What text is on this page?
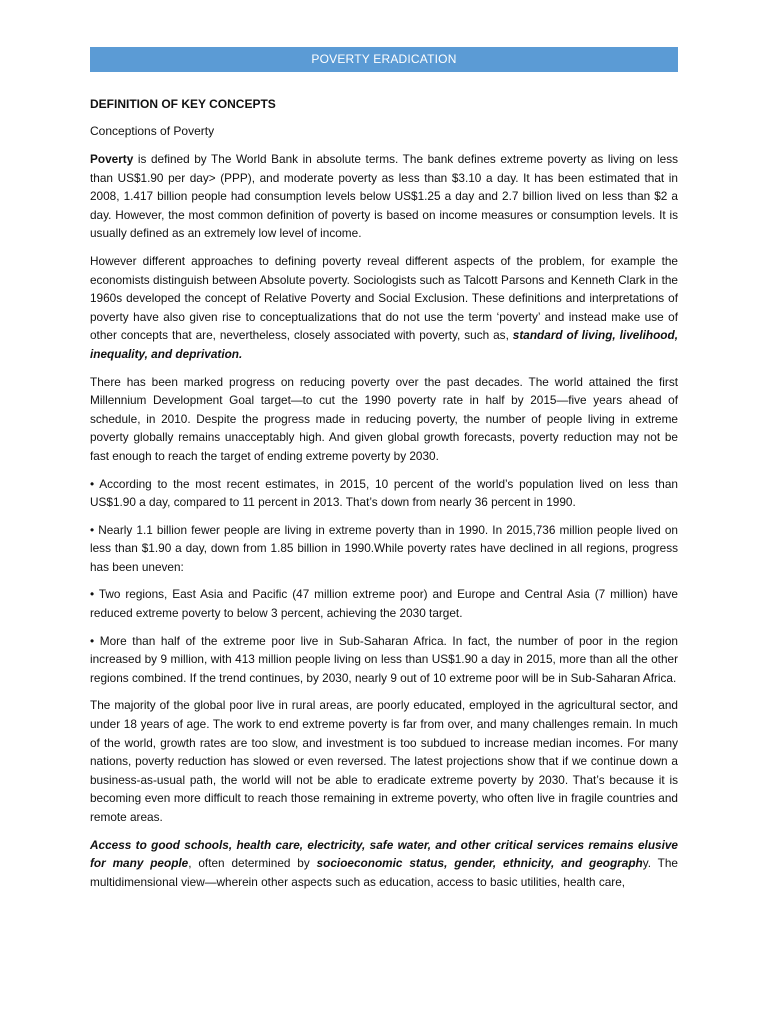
POVERTY ERADICATION
DEFINITION OF KEY CONCEPTS
Conceptions of Poverty

Poverty is defined by The World Bank in absolute terms. The bank defines extreme poverty as living on less than US$1.90 per day> (PPP), and moderate poverty as less than $3.10 a day. It has been estimated that in 2008, 1.417 billion people had consumption levels below US$1.25 a day and 2.7 billion lived on less than $2 a day. However, the most common definition of poverty is based on income measures or consumption levels. It is usually defined as an extremely low level of income.

However different approaches to defining poverty reveal different aspects of the problem, for example the economists distinguish between Absolute poverty. Sociologists such as Talcott Parsons and Kenneth Clark in the 1960s developed the concept of Relative Poverty and Social Exclusion. These definitions and interpretations of poverty have also given rise to conceptualizations that do not use the term ‘poverty’ and instead make use of other concepts that are, nevertheless, closely associated with poverty, such as, standard of living, livelihood, inequality, and deprivation.

There has been marked progress on reducing poverty over the past decades. The world attained the first Millennium Development Goal target—to cut the 1990 poverty rate in half by 2015—five years ahead of schedule, in 2010. Despite the progress made in reducing poverty, the number of people living in extreme poverty globally remains unacceptably high. And given global growth forecasts, poverty reduction may not be fast enough to reach the target of ending extreme poverty by 2030.

• According to the most recent estimates, in 2015, 10 percent of the world’s population lived on less than US$1.90 a day, compared to 11 percent in 2013. That’s down from nearly 36 percent in 1990.

• Nearly 1.1 billion fewer people are living in extreme poverty than in 1990. In 2015,736 million people lived on less than $1.90 a day, down from 1.85 billion in 1990.While poverty rates have declined in all regions, progress has been uneven:

• Two regions, East Asia and Pacific (47 million extreme poor) and Europe and Central Asia (7 million) have reduced extreme poverty to below 3 percent, achieving the 2030 target.

• More than half of the extreme poor live in Sub-Saharan Africa. In fact, the number of poor in the region increased by 9 million, with 413 million people living on less than US$1.90 a day in 2015, more than all the other regions combined. If the trend continues, by 2030, nearly 9 out of 10 extreme poor will be in Sub-Saharan Africa.

The majority of the global poor live in rural areas, are poorly educated, employed in the agricultural sector, and under 18 years of age. The work to end extreme poverty is far from over, and many challenges remain. In much of the world, growth rates are too slow, and investment is too subdued to increase median incomes. For many nations, poverty reduction has slowed or even reversed. The latest projections show that if we continue down a business-as-usual path, the world will not be able to eradicate extreme poverty by 2030. That’s because it is becoming even more difficult to reach those remaining in extreme poverty, who often live in fragile countries and remote areas.

Access to good schools, health care, electricity, safe water, and other critical services remains elusive for many people, often determined by socioeconomic status, gender, ethnicity, and geography. The multidimensional view—wherein other aspects such as education, access to basic utilities, health care,
